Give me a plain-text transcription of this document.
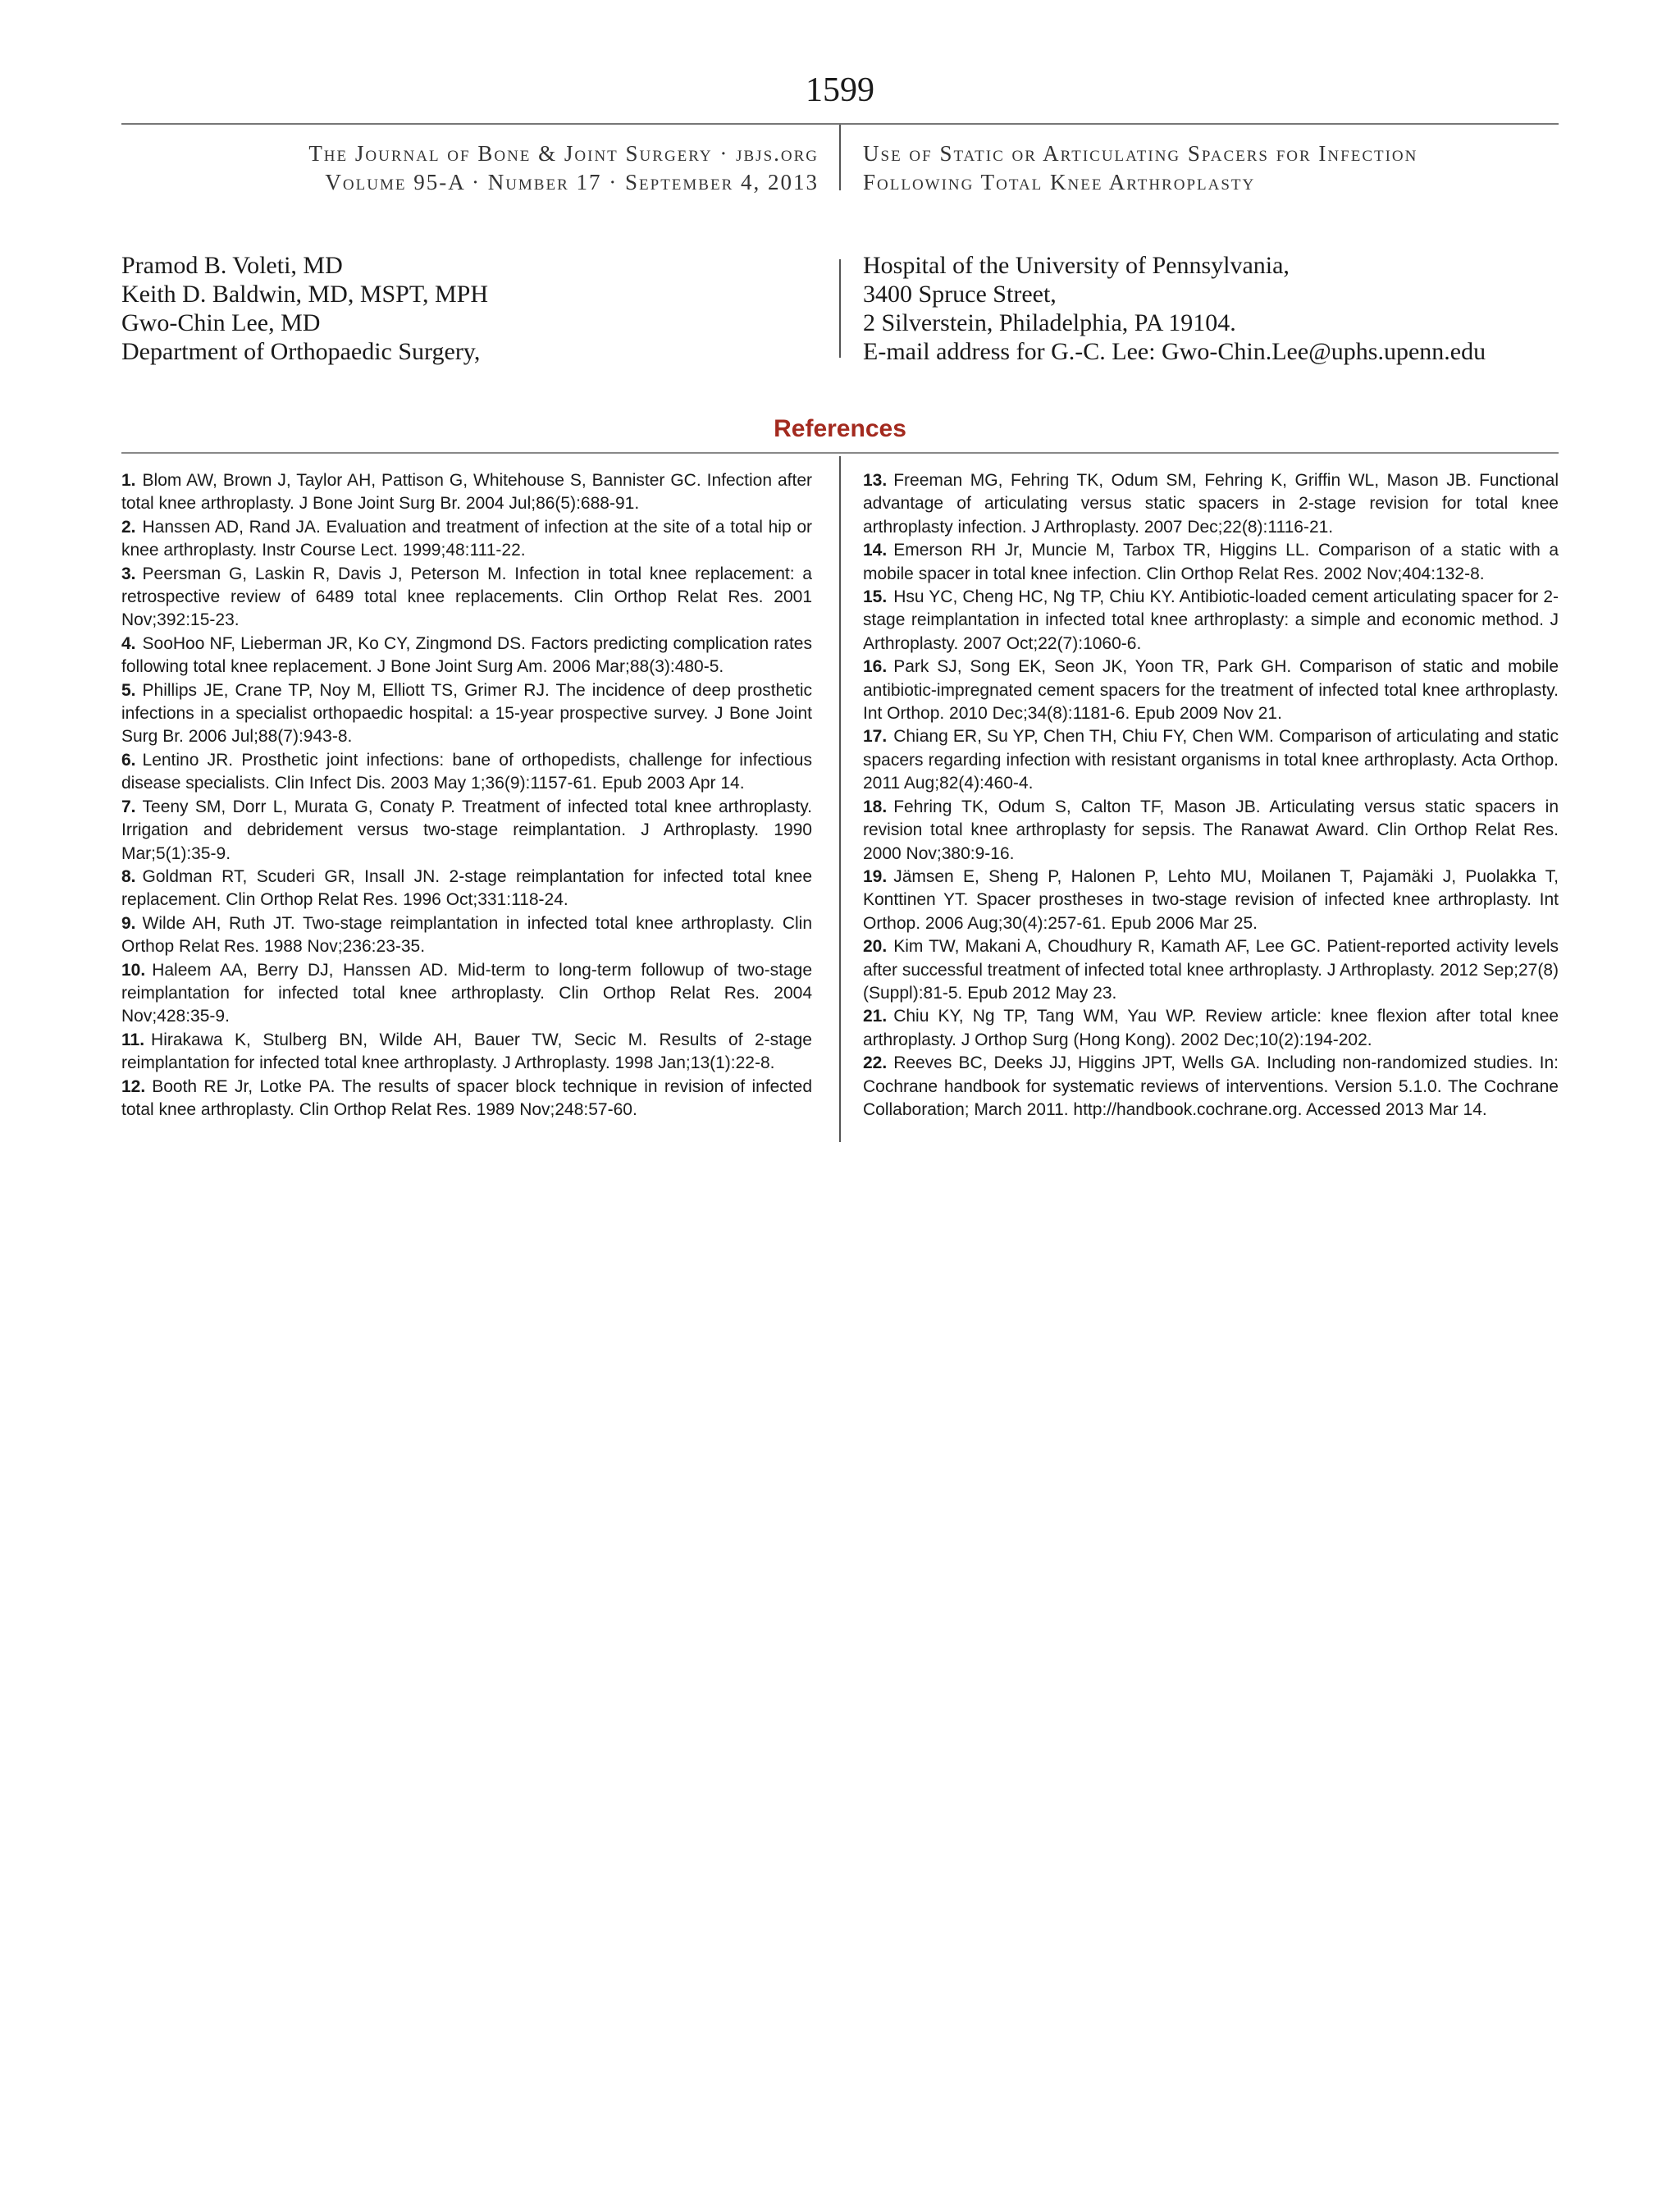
1599
The Journal of Bone & Joint Surgery · jbjs.org
Volume 95-A · Number 17 · September 4, 2013
Use of Static or Articulating Spacers for Infection
Following Total Knee Arthroplasty
Pramod B. Voleti, MD
Keith D. Baldwin, MD, MSPT, MPH
Gwo-Chin Lee, MD
Department of Orthopaedic Surgery,
Hospital of the University of Pennsylvania,
3400 Spruce Street,
2 Silverstein, Philadelphia, PA 19104.
E-mail address for G.-C. Lee: Gwo-Chin.Lee@uphs.upenn.edu
References
1. Blom AW, Brown J, Taylor AH, Pattison G, Whitehouse S, Bannister GC. Infection after total knee arthroplasty. J Bone Joint Surg Br. 2004 Jul;86(5):688-91.
2. Hanssen AD, Rand JA. Evaluation and treatment of infection at the site of a total hip or knee arthroplasty. Instr Course Lect. 1999;48:111-22.
3. Peersman G, Laskin R, Davis J, Peterson M. Infection in total knee replacement: a retrospective review of 6489 total knee replacements. Clin Orthop Relat Res. 2001 Nov;392:15-23.
4. SooHoo NF, Lieberman JR, Ko CY, Zingmond DS. Factors predicting complication rates following total knee replacement. J Bone Joint Surg Am. 2006 Mar;88(3):480-5.
5. Phillips JE, Crane TP, Noy M, Elliott TS, Grimer RJ. The incidence of deep prosthetic infections in a specialist orthopaedic hospital: a 15-year prospective survey. J Bone Joint Surg Br. 2006 Jul;88(7):943-8.
6. Lentino JR. Prosthetic joint infections: bane of orthopedists, challenge for infectious disease specialists. Clin Infect Dis. 2003 May 1;36(9):1157-61. Epub 2003 Apr 14.
7. Teeny SM, Dorr L, Murata G, Conaty P. Treatment of infected total knee arthroplasty. Irrigation and debridement versus two-stage reimplantation. J Arthroplasty. 1990 Mar;5(1):35-9.
8. Goldman RT, Scuderi GR, Insall JN. 2-stage reimplantation for infected total knee replacement. Clin Orthop Relat Res. 1996 Oct;331:118-24.
9. Wilde AH, Ruth JT. Two-stage reimplantation in infected total knee arthroplasty. Clin Orthop Relat Res. 1988 Nov;236:23-35.
10. Haleem AA, Berry DJ, Hanssen AD. Mid-term to long-term followup of two-stage reimplantation for infected total knee arthroplasty. Clin Orthop Relat Res. 2004 Nov;428:35-9.
11. Hirakawa K, Stulberg BN, Wilde AH, Bauer TW, Secic M. Results of 2-stage reimplantation for infected total knee arthroplasty. J Arthroplasty. 1998 Jan;13(1):22-8.
12. Booth RE Jr, Lotke PA. The results of spacer block technique in revision of infected total knee arthroplasty. Clin Orthop Relat Res. 1989 Nov;248:57-60.
13. Freeman MG, Fehring TK, Odum SM, Fehring K, Griffin WL, Mason JB. Functional advantage of articulating versus static spacers in 2-stage revision for total knee arthroplasty infection. J Arthroplasty. 2007 Dec;22(8):1116-21.
14. Emerson RH Jr, Muncie M, Tarbox TR, Higgins LL. Comparison of a static with a mobile spacer in total knee infection. Clin Orthop Relat Res. 2002 Nov;404:132-8.
15. Hsu YC, Cheng HC, Ng TP, Chiu KY. Antibiotic-loaded cement articulating spacer for 2-stage reimplantation in infected total knee arthroplasty: a simple and economic method. J Arthroplasty. 2007 Oct;22(7):1060-6.
16. Park SJ, Song EK, Seon JK, Yoon TR, Park GH. Comparison of static and mobile antibiotic-impregnated cement spacers for the treatment of infected total knee arthroplasty. Int Orthop. 2010 Dec;34(8):1181-6. Epub 2009 Nov 21.
17. Chiang ER, Su YP, Chen TH, Chiu FY, Chen WM. Comparison of articulating and static spacers regarding infection with resistant organisms in total knee arthroplasty. Acta Orthop. 2011 Aug;82(4):460-4.
18. Fehring TK, Odum S, Calton TF, Mason JB. Articulating versus static spacers in revision total knee arthroplasty for sepsis. The Ranawat Award. Clin Orthop Relat Res. 2000 Nov;380:9-16.
19. Jämsen E, Sheng P, Halonen P, Lehto MU, Moilanen T, Pajamäki J, Puolakka T, Konttinen YT. Spacer prostheses in two-stage revision of infected knee arthroplasty. Int Orthop. 2006 Aug;30(4):257-61. Epub 2006 Mar 25.
20. Kim TW, Makani A, Choudhury R, Kamath AF, Lee GC. Patient-reported activity levels after successful treatment of infected total knee arthroplasty. J Arthroplasty. 2012 Sep;27(8)(Suppl):81-5. Epub 2012 May 23.
21. Chiu KY, Ng TP, Tang WM, Yau WP. Review article: knee flexion after total knee arthroplasty. J Orthop Surg (Hong Kong). 2002 Dec;10(2):194-202.
22. Reeves BC, Deeks JJ, Higgins JPT, Wells GA. Including non-randomized studies. In: Cochrane handbook for systematic reviews of interventions. Version 5.1.0. The Cochrane Collaboration; March 2011. http://handbook.cochrane.org. Accessed 2013 Mar 14.
